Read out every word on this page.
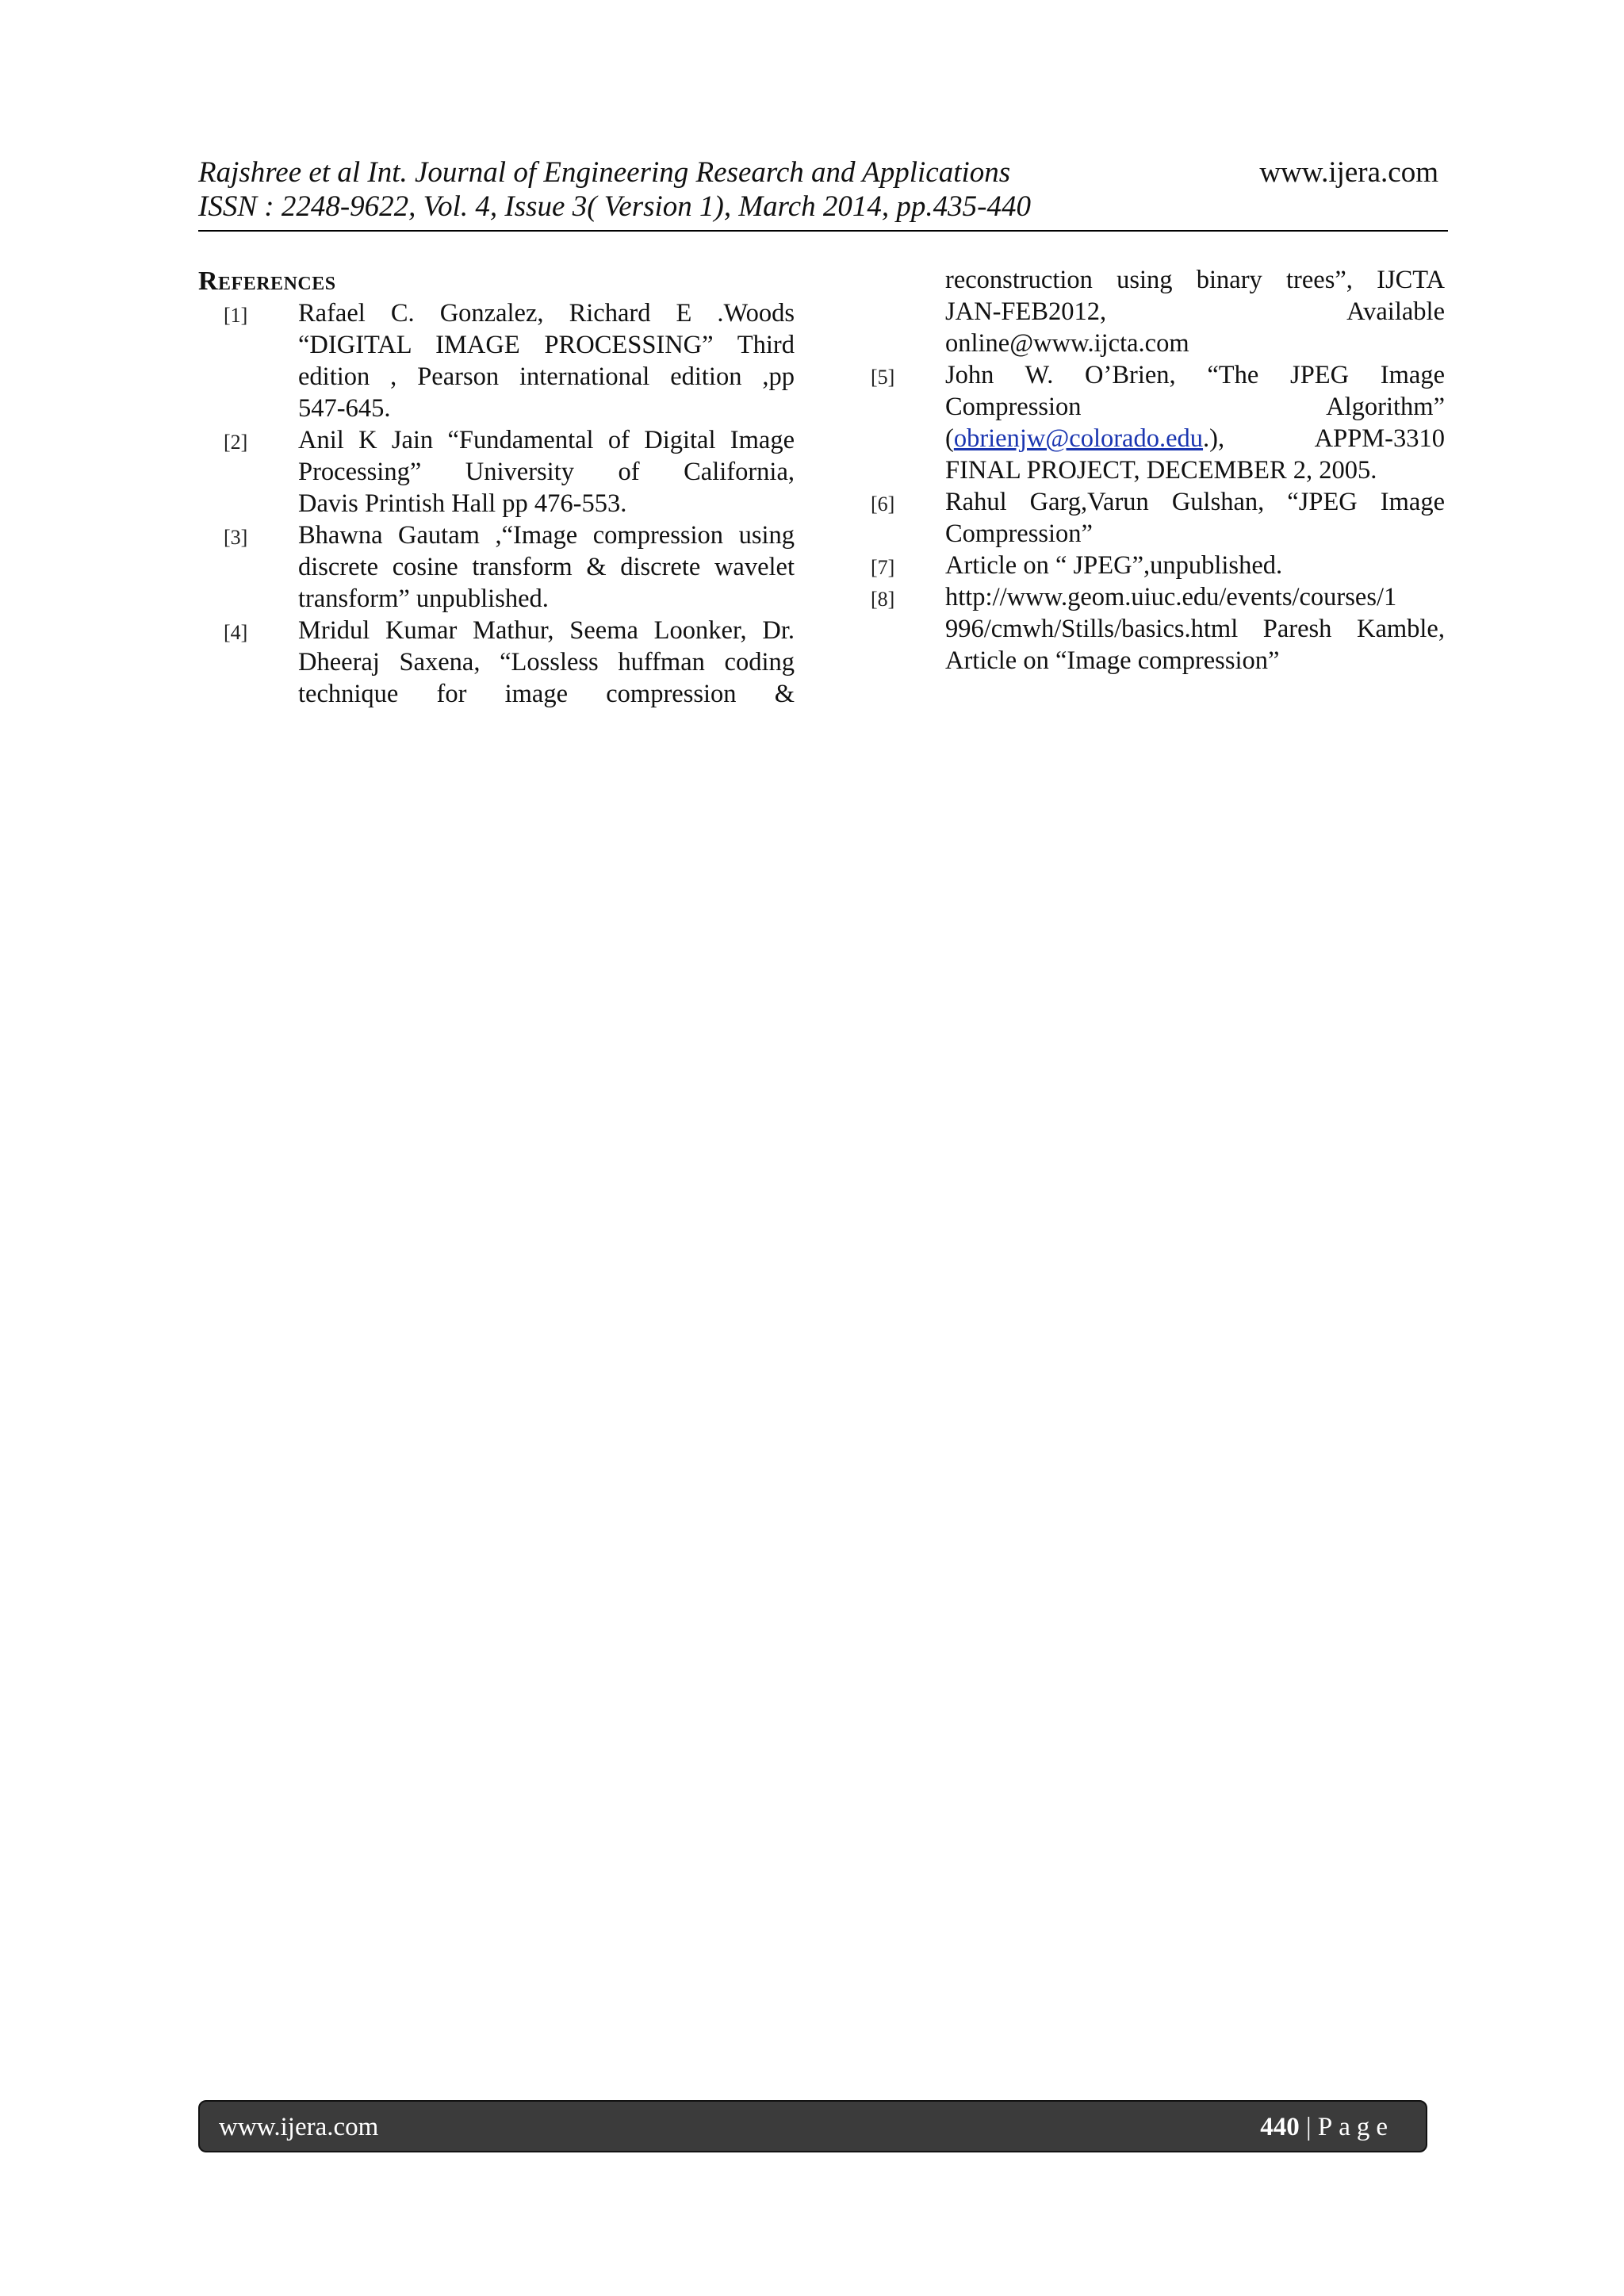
Rajshree et al Int. Journal of Engineering Research and Applications
ISSN : 2248-9622, Vol. 4, Issue 3( Version 1), March 2014, pp.435-440
www.ijera.com
References
[1] Rafael C. Gonzalez, Richard E .Woods
“DIGITAL IMAGE PROCESSING” Third
edition , Pearson international edition ,pp
547-645.
[2] Anil K Jain “Fundamental of Digital Image
Processing” University of California,
Davis Printish Hall pp 476-553.
[3] Bhawna Gautam ,“Image compression using
discrete cosine transform & discrete wavelet
transform” unpublished.
[4] Mridul Kumar Mathur, Seema Loonker, Dr.
Dheeraj Saxena, “Lossless huffman coding
technique for image compression &
reconstruction using binary trees”, IJCTA
JAN-FEB2012, Available
online@www.ijcta.com
[5] John W. O’Brien, “The JPEG Image
Compression Algorithm”
(obrienjw@colorado.edu.), APPM-3310
FINAL PROJECT, DECEMBER 2, 2005.
[6] Rahul Garg,Varun Gulshan, “JPEG Image
Compression”
[7] Article on “ JPEG”,unpublished.
[8] http://www.geom.uiuc.edu/events/courses/1
996/cmwh/Stills/basics.html Paresh Kamble,
Article on “Image compression”
www.ijera.com	440 | Page
